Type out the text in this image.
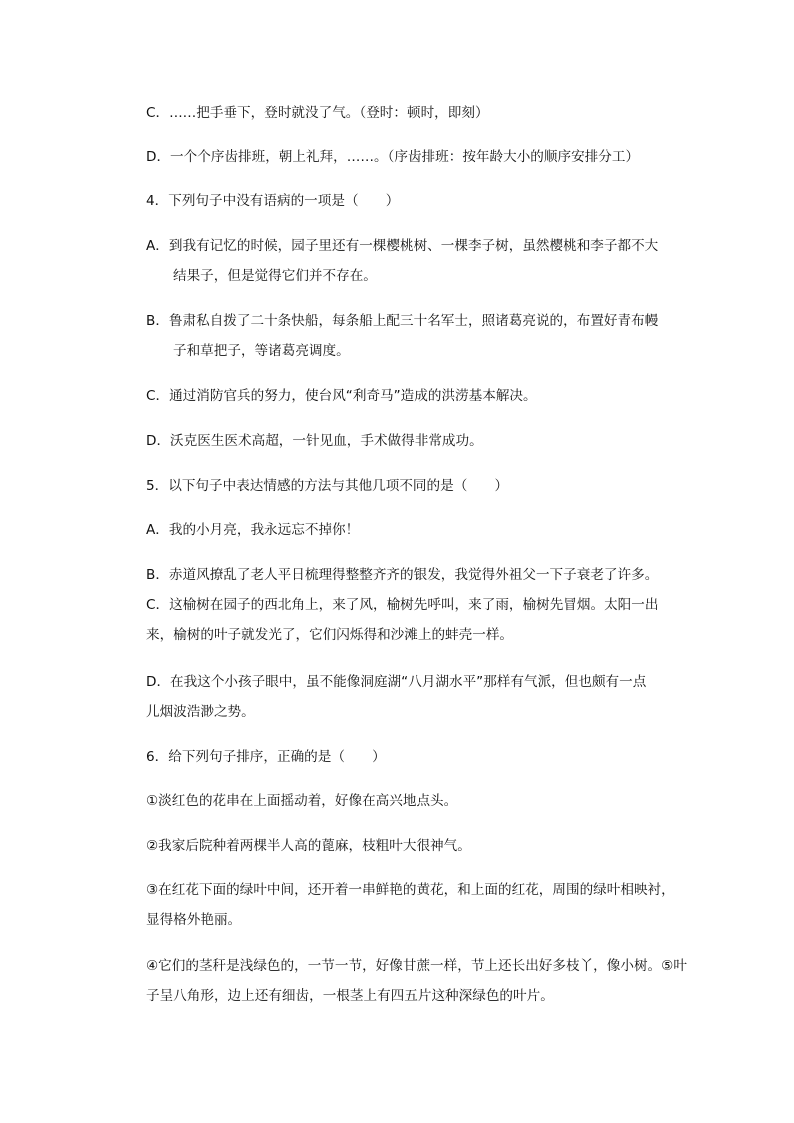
C．……把手垂下，登时就没了气。（登时：顿时，即刻）
D．一个个序齿排班，朝上礼拜，……。（序齿排班：按年龄大小的顺序安排分工）
4．下列句子中没有语病的一项是（　　）
A．到我有记忆的时候，园子里还有一棵樱桃树、一棵李子树，虽然樱桃和李子都不大
结果子，但是觉得它们并不存在。
B．鲁肃私自拨了二十条快船，每条船上配三十名军士，照诸葛亮说的，布置好青布幔
子和草把子，等诸葛亮调度。
C．通过消防官兵的努力，使台风“利奇马”造成的洪涝基本解决。
D．沃克医生医术高超，一针见血，手术做得非常成功。
5．以下句子中表达情感的方法与其他几项不同的是（　　）
A．我的小月亮，我永远忘不掉你！
B．赤道风撩乱了老人平日梳理得整整齐齐的银发，我觉得外祖父一下子衰老了许多。
C．这榆树在园子的西北角上，来了风，榆树先呼叫，来了雨，榆树先冒烟。太阳一出
来，榆树的叶子就发光了，它们闪烁得和沙滩上的蚌壳一样。
D．在我这个小孩子眼中，虽不能像洞庭湖“八月湖水平”那样有气派，但也颇有一点
儿烟波浩渺之势。
6．给下列句子排序，正确的是（　　）
①淡红色的花串在上面摇动着，好像在高兴地点头。
②我家后院种着两棵半人高的蓖麻，枝粗叶大很神气。
③在红花下面的绿叶中间，还开着一串鲜艳的黄花，和上面的红花，周围的绿叶相映衬，
显得格外艳丽。
④它们的茎秆是浅绿色的，一节一节，好像甘蔗一样，节上还长出好多枝丫，像小树。⑤叶
子呈八角形，边上还有细齿，一根茎上有四五片这种深绿色的叶片。
